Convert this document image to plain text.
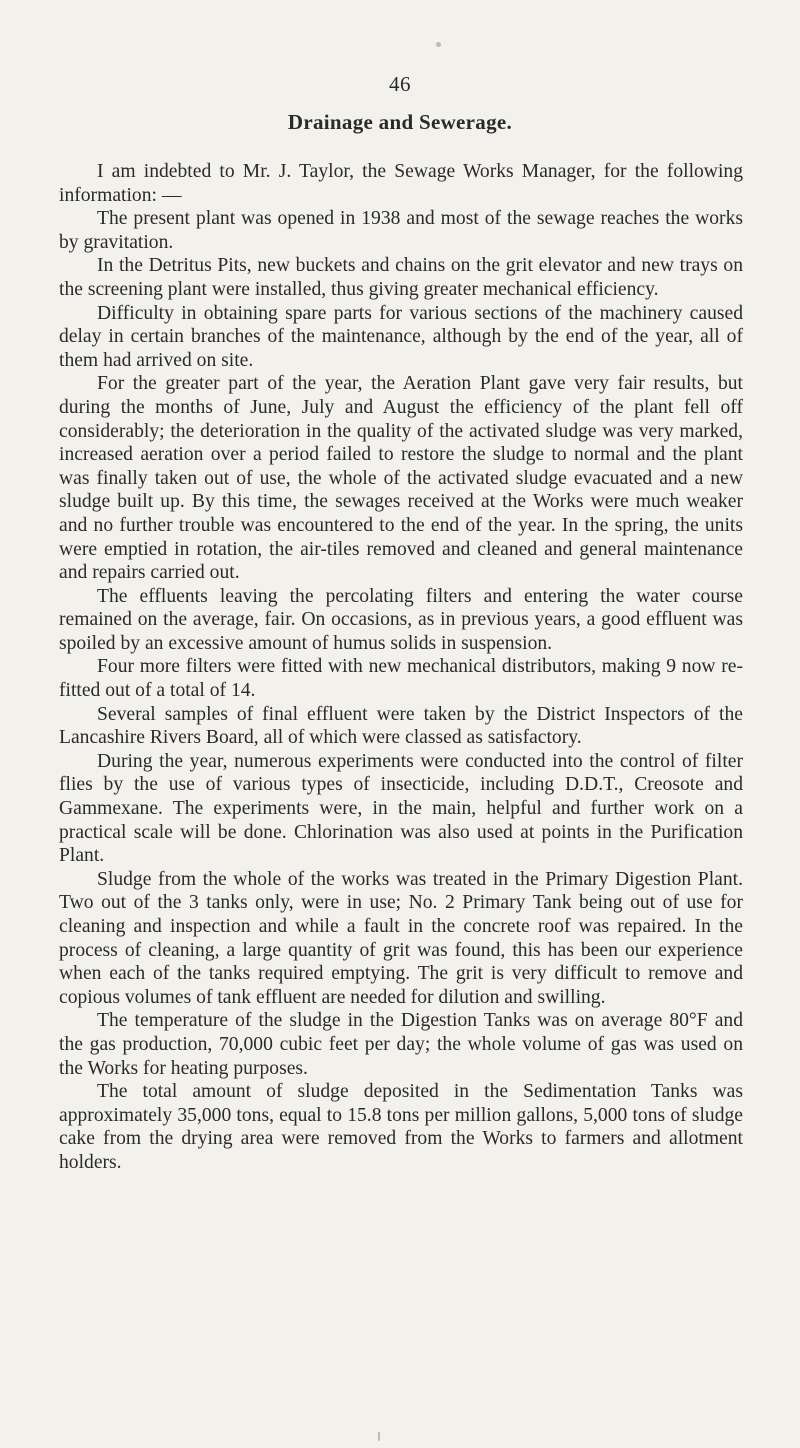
46
Drainage and Sewerage.

I am indebted to Mr. J. Taylor, the Sewage Works Manager, for the following information: —

The present plant was opened in 1938 and most of the sewage reaches the works by gravitation.

In the Detritus Pits, new buckets and chains on the grit elevator and new trays on the screening plant were installed, thus giving greater mechanical efficiency.

Difficulty in obtaining spare parts for various sections of the machinery caused delay in certain branches of the maintenance, although by the end of the year, all of them had arrived on site.

For the greater part of the year, the Aeration Plant gave very fair results, but during the months of June, July and August the efficiency of the plant fell off considerably; the deterioration in the quality of the activated sludge was very marked, increased aeration over a period failed to restore the sludge to normal and the plant was finally taken out of use, the whole of the activated sludge evacuated and a new sludge built up. By this time, the sewages received at the Works were much weaker and no further trouble was encountered to the end of the year. In the spring, the units were emptied in rotation, the air-tiles removed and cleaned and general maintenance and repairs carried out.

The effluents leaving the percolating filters and entering the water course remained on the average, fair. On occasions, as in previous years, a good effluent was spoiled by an excessive amount of humus solids in suspension.

Four more filters were fitted with new mechanical distributors, making 9 now re-fitted out of a total of 14.

Several samples of final effluent were taken by the District Inspectors of the Lancashire Rivers Board, all of which were classed as satisfactory.

During the year, numerous experiments were conducted into the control of filter flies by the use of various types of insecticide, including D.D.T., Creosote and Gammexane. The experiments were, in the main, helpful and further work on a practical scale will be done. Chlorination was also used at points in the Purification Plant.

Sludge from the whole of the works was treated in the Primary Digestion Plant. Two out of the 3 tanks only, were in use; No. 2 Primary Tank being out of use for cleaning and inspection and while a fault in the concrete roof was repaired. In the process of cleaning, a large quantity of grit was found, this has been our experience when each of the tanks required emptying. The grit is very difficult to remove and copious volumes of tank effluent are needed for dilution and swilling.

The temperature of the sludge in the Digestion Tanks was on average 80°F and the gas production, 70,000 cubic feet per day; the whole volume of gas was used on the Works for heating purposes.

The total amount of sludge deposited in the Sedimentation Tanks was approximately 35,000 tons, equal to 15.8 tons per million gallons, 5,000 tons of sludge cake from the drying area were removed from the Works to farmers and allotment holders.
